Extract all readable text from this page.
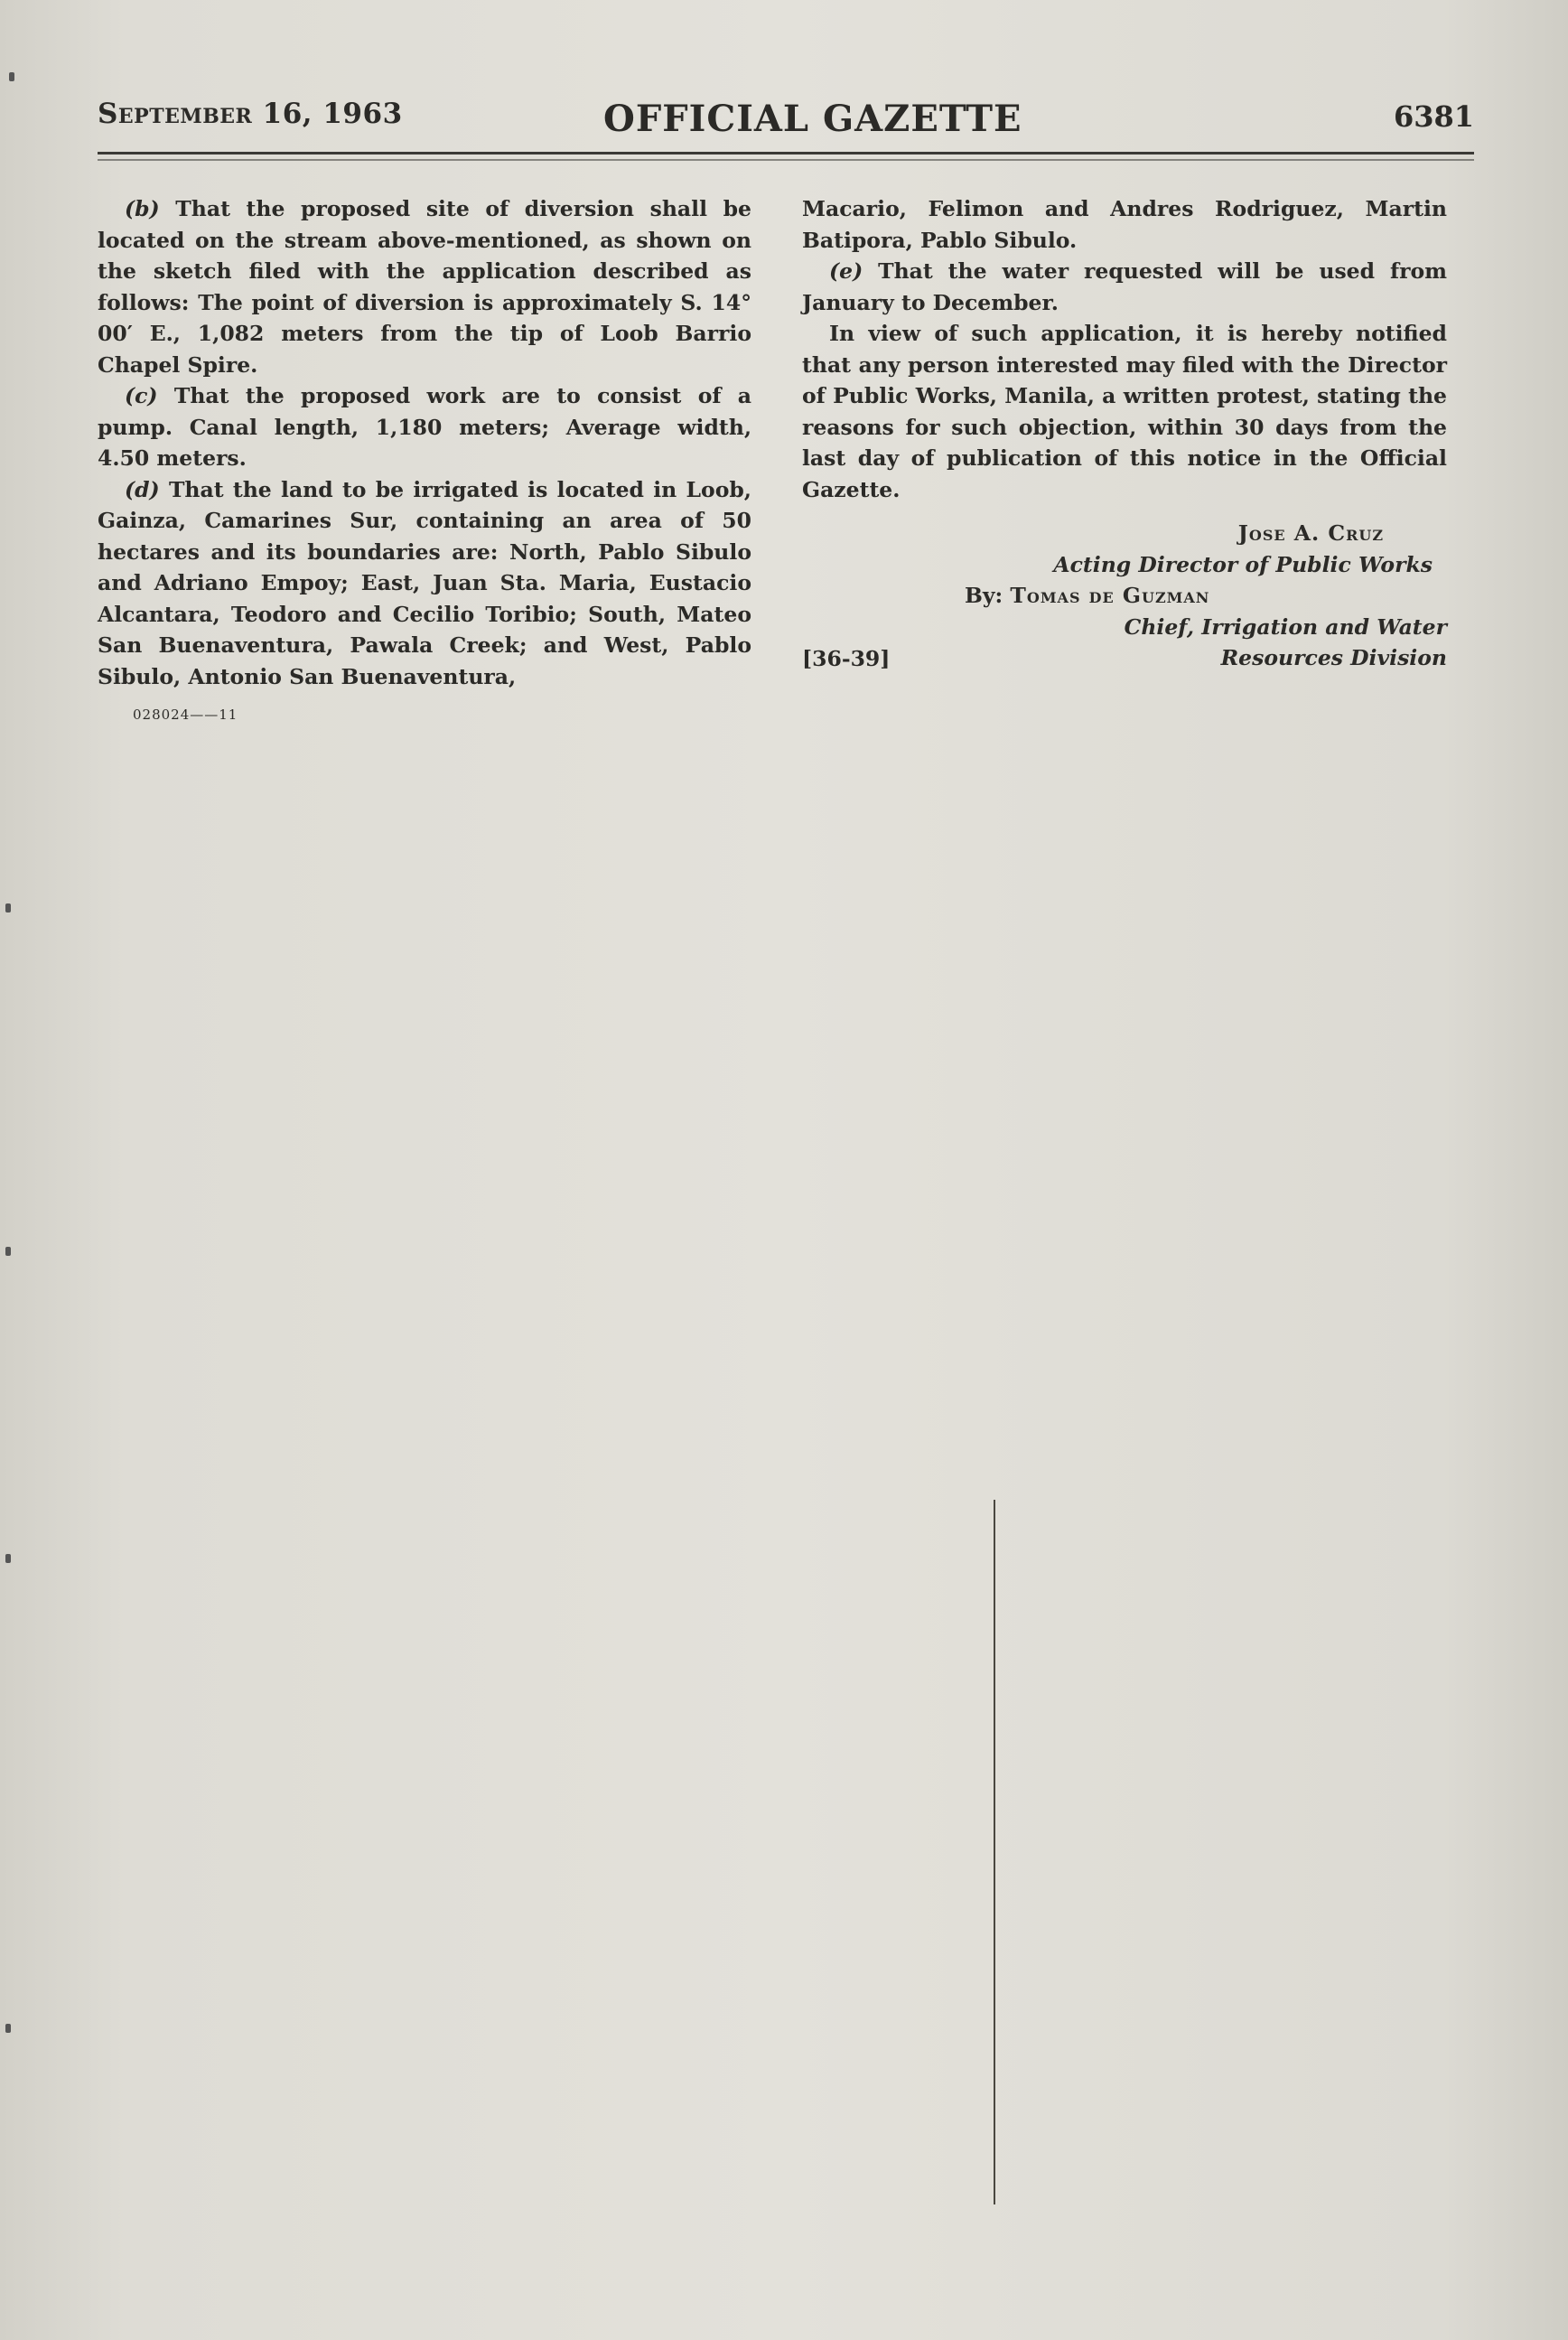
September 16, 1963	OFFICIAL GAZETTE	6381

(b) That the proposed site of diversion shall be located on the stream above-mentioned, as shown on the sketch filed with the application described as follows: The point of diversion is approximately S. 14° 00′ E., 1,082 meters from the tip of Loob Barrio Chapel Spire.

(c) That the proposed work are to consist of a pump. Canal length, 1,180 meters; Average width, 4.50 meters.

(d) That the land to be irrigated is located in Loob, Gainza, Camarines Sur, containing an area of 50 hectares and its boundaries are: North, Pablo Sibulo and Adriano Empoy; East, Juan Sta. Maria, Eustacio Alcantara, Teodoro and Cecilio Toribio; South, Mateo San Buenaventura, Pawala Creek; and West, Pablo Sibulo, Antonio San Buenaventura,

028024——11

Macario, Felimon and Andres Rodriguez, Martin Batipora, Pablo Sibulo.

(e) That the water requested will be used from January to December.

In view of such application, it is hereby notified that any person interested may filed with the Director of Public Works, Manila, a written protest, stating the reasons for such objection, within 30 days from the last day of publication of this notice in the Official Gazette.

Jose A. Cruz

Acting Director of Public Works

By: Tomas de Guzman

Chief, Irrigation and Water Resources Division

[36-39]
